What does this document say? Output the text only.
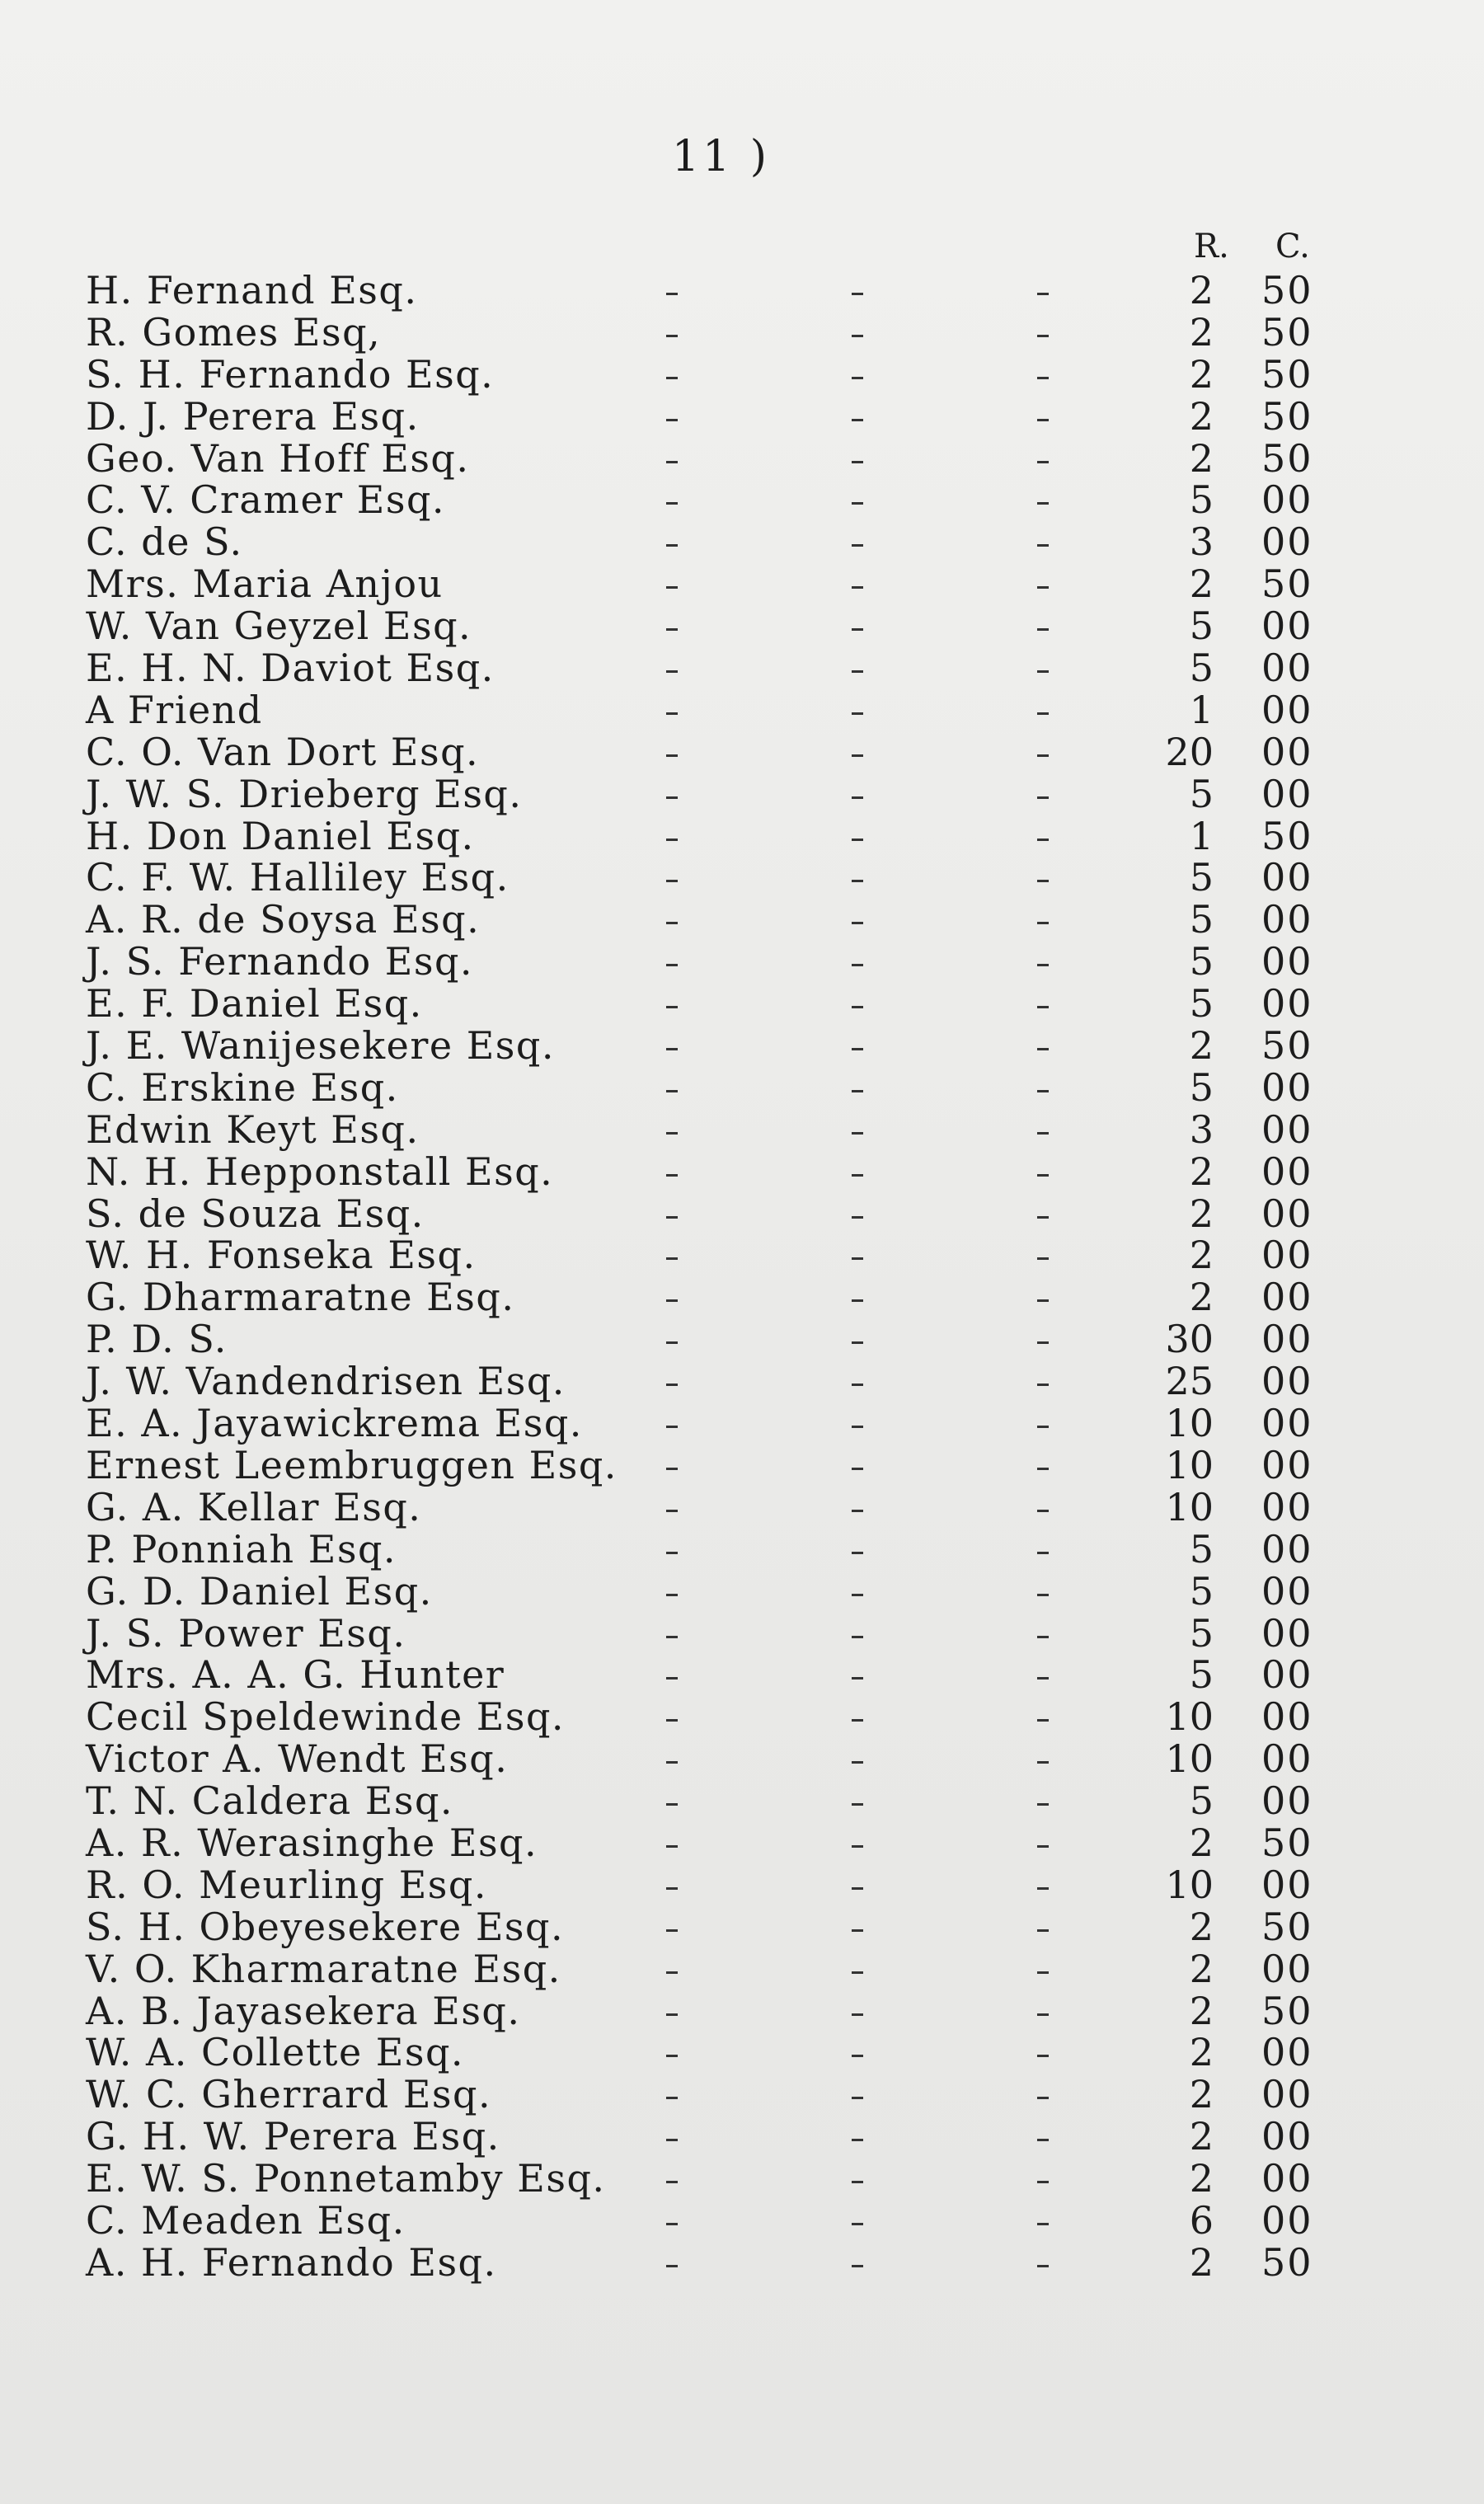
11 )
R. C.
H. Fernand Esq.	2 50
R. Gomes Esq,	2 50
S. H. Fernando Esq.	2 50
D. J. Perera Esq.	2 50
Geo. Van Hoff Esq.	2 50
C. V. Cramer Esq.	5 00
C. de S.	3 00
Mrs. Maria Anjou	2 50
W. Van Geyzel Esq.	5 00
E. H. N. Daviot Esq.	5 00
A Friend	1 00
C. O. Van Dort Esq.	20 00
J. W. S. Drieberg Esq.	5 00
H. Don Daniel Esq.	1 50
C. F. W. Halliley Esq.	5 00
A. R. de Soysa Esq.	5 00
J. S. Fernando Esq.	5 00
E. F. Daniel Esq.	5 00
J. E. Wanijesekere Esq.	2 50
C. Erskine Esq.	5 00
Edwin Keyt Esq.	3 00
N. H. Hepponstall Esq.	2 00
S. de Souza Esq.	2 00
W. H. Fonseka Esq.	2 00
G. Dharmaratne Esq.	2 00
P. D. S.	30 00
J. W. Vandendrisen Esq.	25 00
E. A. Jayawickrema Esq.	10 00
Ernest Leembruggen Esq.	10 00
G. A. Kellar Esq.	10 00
P. Ponniah Esq.	5 00
G. D. Daniel Esq.	5 00
J. S. Power Esq.	5 00
Mrs. A. A. G. Hunter	5 00
Cecil Speldewinde Esq.	10 00
Victor A. Wendt Esq.	10 00
T. N. Caldera Esq.	5 00
A. R. Werasinghe Esq.	2 50
R. O. Meurling Esq.	10 00
S. H. Obeyesekere Esq.	2 50
V. O. Kharmaratne Esq.	2 00
A. B. Jayasekera Esq.	2 50
W. A. Collette Esq.	2 00
W. C. Gherrard Esq.	2 00
G. H. W. Perera Esq.	2 00
E. W. S. Ponnetamby Esq.	2 00
C. Meaden Esq.	6 00
A. H. Fernando Esq.	2 50
